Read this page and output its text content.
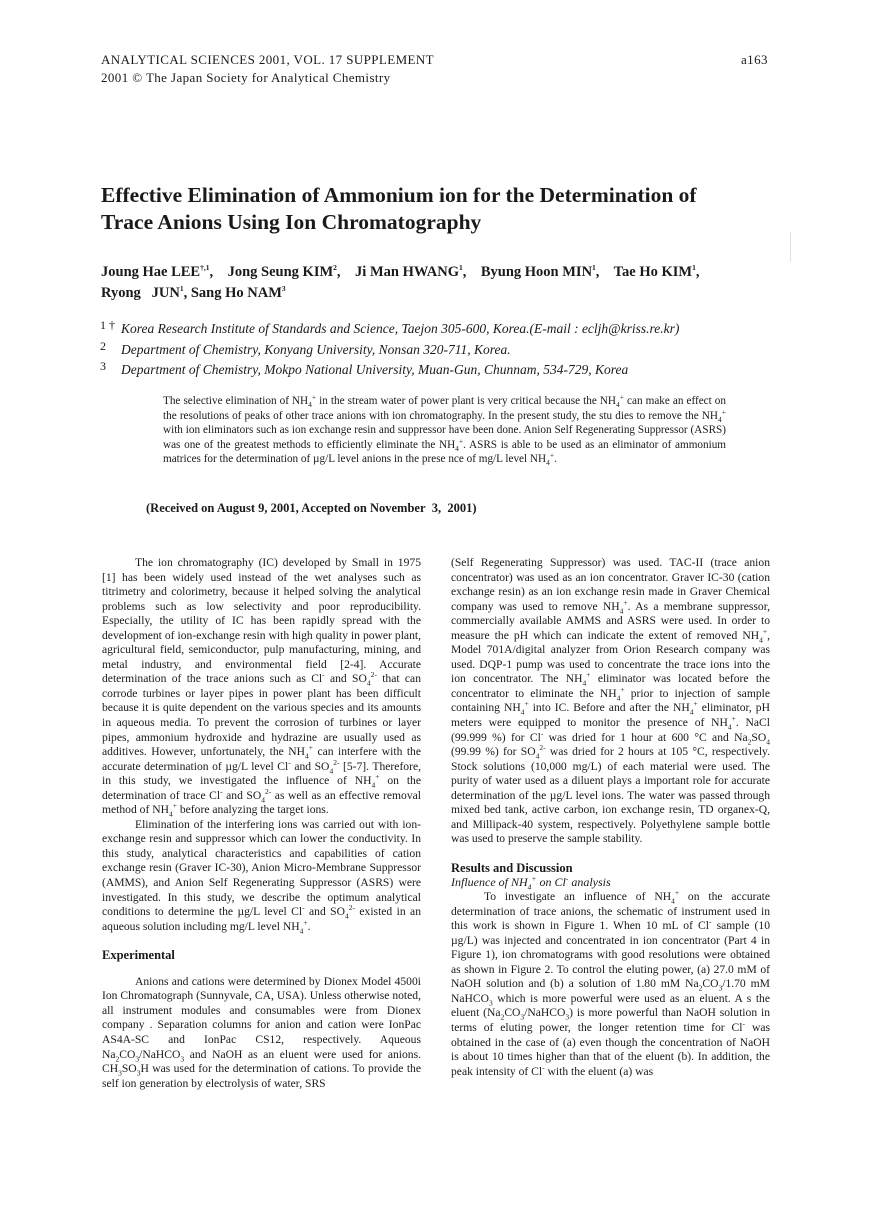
ANALYTICAL SCIENCES 2001, VOL. 17 SUPPLEMENT
2001 © The Japan Society for Analytical Chemistry
a163
Effective Elimination of Ammonium ion for the Determination of
Trace Anions Using Ion Chromatography
Joung Hae $LEE^{\dagger,1}$,    Jong Seung KIM$^2$,    Ji Man HWANG$^1$,    Byung Hoon MIN$^1$,    Tae Ho KIM$^1$,
Ryong   JUN$^1$, Sang Ho NAM$^3$
1 † Korea Research Institute of Standards and Science, Taejon 305-600, Korea.(E-mail : ecljh@kriss.re.kr)
2 Department of Chemistry, Konyang University, Nonsan 320-711, Korea.
3 Department of Chemistry, Mokpo National University, Muan-Gun, Chunnam, 534-729, Korea
The selective elimination of $NH_4^+$ in the stream water of power plant is very critical because the $NH_4^+$ can make an effect on the resolutions of peaks of other trace anions with ion chromatography. In the present study, the stu dies to remove the $NH_4^+$ with ion eliminators such as ion exchange resin and suppressor have been done. Anion Self Regenerating Suppressor (ASRS) was one of the greatest methods to efficiently eliminate the $NH_4^+$. ASRS is able to be used as an eliminator of ammonium matrices for the determination of µg/L level anions in the prese nce of mg/L level $NH_4^+$.
(Received on August 9, 2001, Accepted on November  3,  2001)

The ion chromatography (IC) developed by Small in 1975 [1] has been widely used instead of the wet analyses such as titrimetry and colorimetry, because it helped solving the analytical problems such as low selectivity and poor reproducibility. Especially, the utility of IC has been rapidly spread with the development of ion-exchange resin with high quality in power plant, agricultural field, semiconductor, pulp manufacturing, mining, and metal industry, and environmental field [2-4]. Accurate determination of the trace anions such as Cl- and $SO_4^{2-}$ that can corrode turbines or layer pipes in power plant has been difficult because it is quite dependent on the various species and its amounts in aqueous media. To prevent the corrosion of turbines or layer pipes, ammonium hydroxide and hydrazine are usually used as additives. However, unfortunately, the $NH_4^+$ can interfere with the accurate determination of µg/L level Cl- and $SO_4^{2-}$ [5-7]. Therefore, in this study, we investigated the influence of $NH_4^+$ on the determination of trace Cl- and $SO_4^{2-}$ as well as an effective removal method of $NH_4^+$ before analyzing the target ions.

Elimination of the interfering ions was carried out with ion-exchange resin and suppressor which can lower the conductivity. In this study, analytical characteristics and capabilities of cation exchange resin (Graver IC-30), Anion Micro-Membrane Suppressor (AMMS), and Anion Self Regenerating Suppressor (ASRS) were investigated. In this study, we describe the optimum analytical conditions to determine the µg/L level Cl- and $SO_4^{2-}$ existed in an aqueous solution including mg/L level $NH_4^+$.

Experimental

Anions and cations were determined by Dionex Model 4500i Ion Chromatograph (Sunnyvale, CA, USA). Unless otherwise noted, all instrument modules and consumables were from Dionex company . Separation columns for anion and cation were IonPac AS4A-SC and IonPac CS12, respectively. Aqueous $Na_2CO_3/NaHCO_3$ and NaOH as an eluent were used for anions. $CH_3SO_3H$ was used for the determination of cations. To provide the self ion generation by electrolysis of water, SRS

(Self Regenerating Suppressor) was used. TAC-II (trace anion concentrator) was used as an ion concentrator. Graver IC-30 (cation exchange resin) as an ion exchange resin made in Graver Chemical company was used to remove $NH_4^+$. As a membrane suppressor, commercially available AMMS and ASRS were used. In order to measure the pH which can indicate the extent of removed $NH_4^+$, Model 701A/digital analyzer from Orion Research company was used. DQP-1 pump was used to concentrate the trace ions into the ion concentrator. The $NH_4^+$ eliminator was located before the concentrator to eliminate the $NH_4^+$ prior to injection of sample containing $NH_4^+$ into IC. Before and after the $NH_4^+$ eliminator, pH meters were equipped to monitor the presence of $NH_4^+$. NaCl (99.999 %) for Cl- was dried for 1 hour at 600 °C and $Na_2SO_4$ (99.99 %) for $SO_4^{2-}$ was dried for 2 hours at 105 °C, respectively. Stock solutions (10,000 mg/L) of each material were used. The purity of water used as a diluent plays a important role for accurate determination of the µg/L level ions. The water was passed through mixed bed tank, active carbon, ion exchange resin, TD organex-Q, and Millipack-40 system, respectively. Polyethylene sample bottle was used to preserve the sample stability.

Results and Discussion
Influence of $NH_4^+$ on Cl- analysis

To investigate an influence of $NH_4^+$ on the accurate determination of trace anions, the schematic of instrument used in this work is shown in Figure 1. When 10 mL of Cl- sample (10 µg/L) was injected and concentrated in ion concentrator (Part 4 in Figure 1), ion chromatograms with good resolutions were obtained as shown in Figure 2. To control the eluting power, (a) 27.0 mM of NaOH solution and (b) a solution of 1.80 mM $Na_2CO_3/1.70$ mM NaHCO$_3$ which is more powerful were used as an eluent. A s the eluent $(Na_2CO_3/NaHCO_3)$ is more powerful than NaOH solution in terms of eluting power, the longer retention time for Cl- was obtained in the case of (a) even though the concentration of NaOH is about 10 times higher than that of the eluent (b). In addition, the peak intensity of Cl- with the eluent (a) was
